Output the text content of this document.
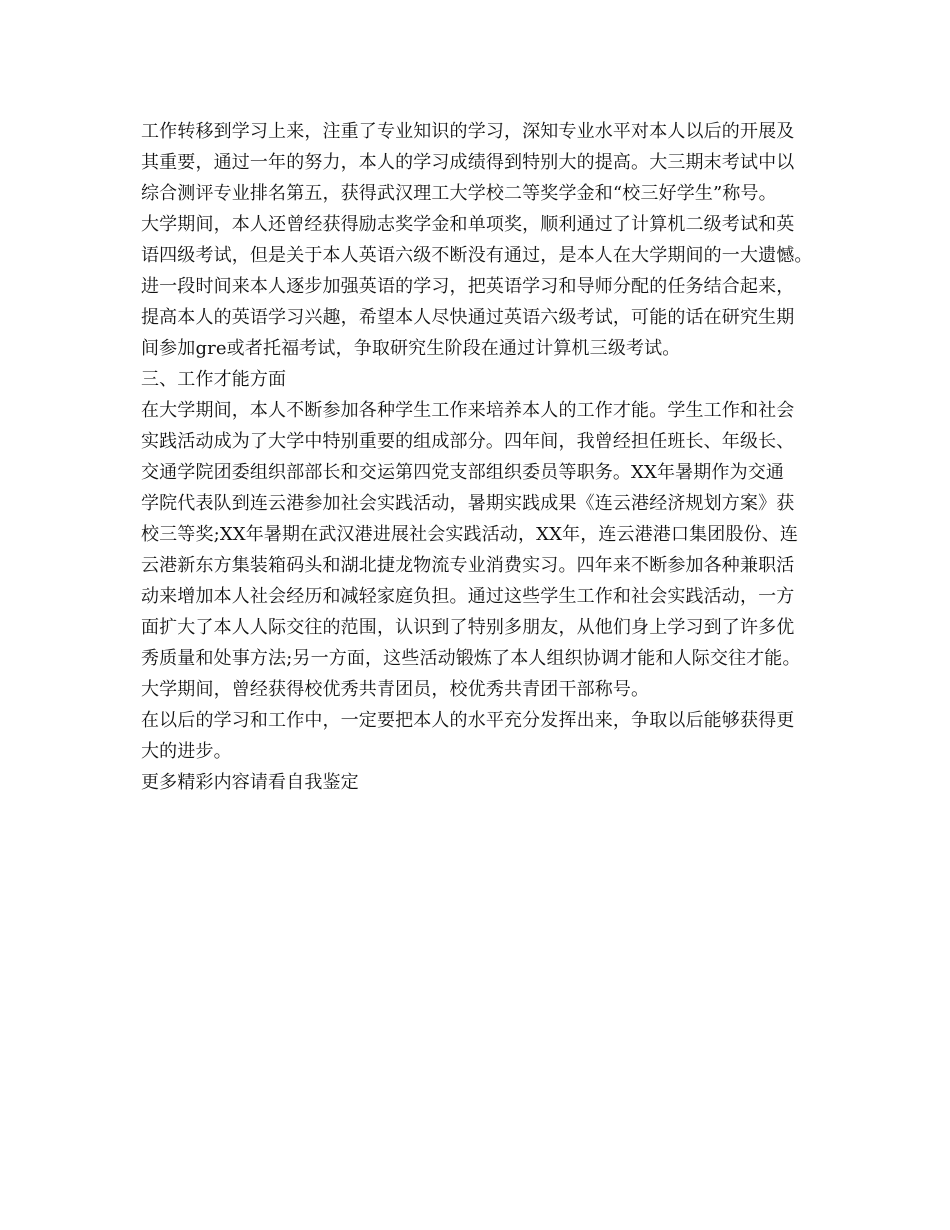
工作转移到学习上来，注重了专业知识的学习，深知专业水平对本人以后的开展及
其重要，通过一年的努力，本人的学习成绩得到特别大的提高。大三期末考试中以
综合测评专业排名第五，获得武汉理工大学校二等奖学金和“校三好学生”称号。
大学期间，本人还曾经获得励志奖学金和单项奖，顺利通过了计算机二级考试和英
语四级考试，但是关于本人英语六级不断没有通过，是本人在大学期间的一大遗憾。
进一段时间来本人逐步加强英语的学习，把英语学习和导师分配的任务结合起来，
提高本人的英语学习兴趣，希望本人尽快通过英语六级考试，可能的话在研究生期
间参加gre或者托福考试，争取研究生阶段在通过计算机三级考试。
三、工作才能方面
在大学期间，本人不断参加各种学生工作来培养本人的工作才能。学生工作和社会
实践活动成为了大学中特别重要的组成部分。四年间，我曾经担任班长、年级长、
交通学院团委组织部部长和交运第四党支部组织委员等职务。XX年暑期作为交通
学院代表队到连云港参加社会实践活动，暑期实践成果《连云港经济规划方案》获
校三等奖;XX年暑期在武汉港进展社会实践活动，XX年，连云港港口集团股份、连
云港新东方集装箱码头和湖北捷龙物流专业消费实习。四年来不断参加各种兼职活
动来增加本人社会经历和减轻家庭负担。通过这些学生工作和社会实践活动，一方
面扩大了本人人际交往的范围，认识到了特别多朋友，从他们身上学习到了许多优
秀质量和处事方法;另一方面，这些活动锻炼了本人组织协调才能和人际交往才能。
大学期间，曾经获得校优秀共青团员，校优秀共青团干部称号。
在以后的学习和工作中，一定要把本人的水平充分发挥出来，争取以后能够获得更
大的进步。
更多精彩内容请看自我鉴定
